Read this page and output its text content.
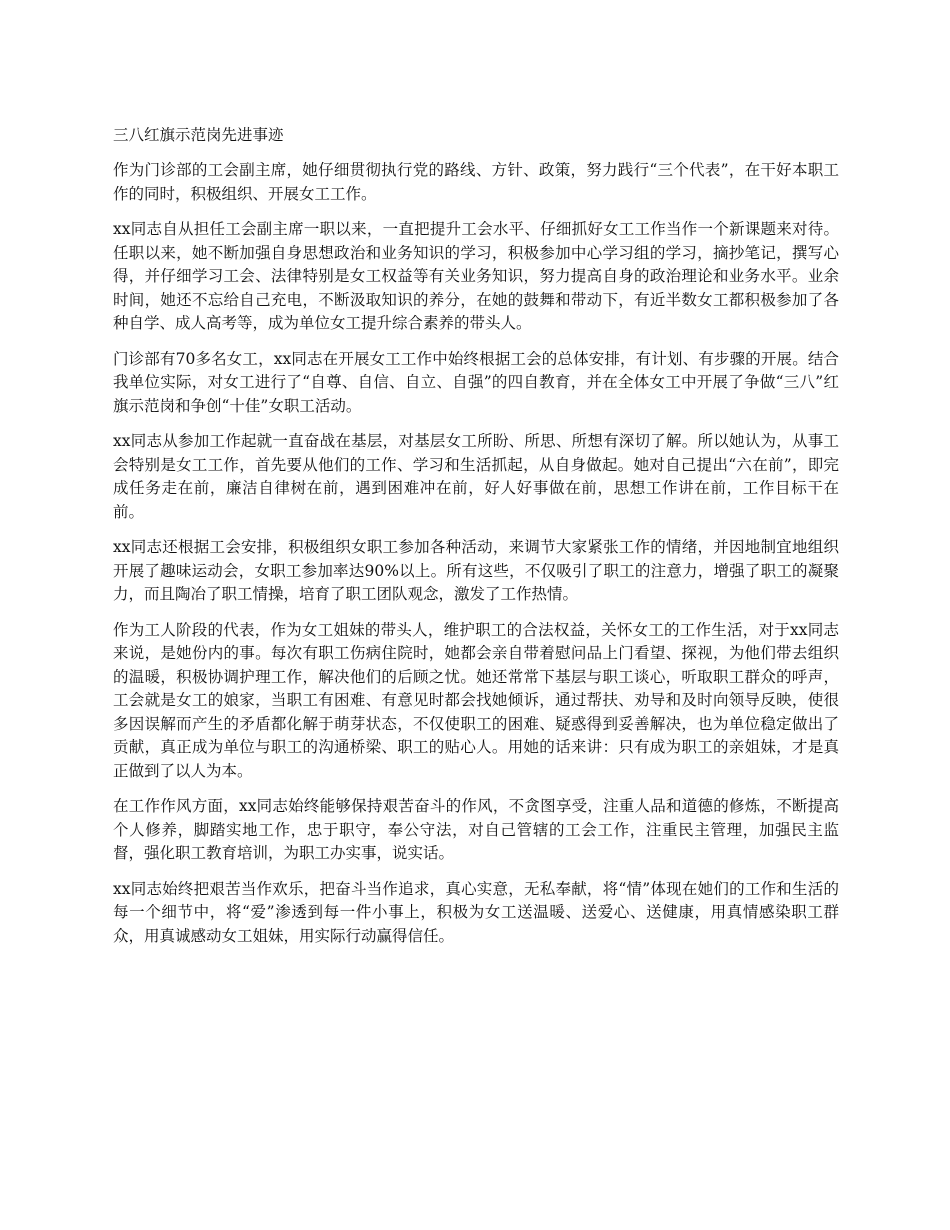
三八红旗示范岗先进事迹

作为门诊部的工会副主席，她仔细贯彻执行党的路线、方针、政策，努力践行“三个代表”，在干好本职工作的同时，积极组织、开展女工工作。

xx同志自从担任工会副主席一职以来，一直把提升工会水平、仔细抓好女工工作当作一个新课题来对待。任职以来，她不断加强自身思想政治和业务知识的学习，积极参加中心学习组的学习，摘抄笔记，撰写心得，并仔细学习工会、法律特别是女工权益等有关业务知识，努力提高自身的政治理论和业务水平。业余时间，她还不忘给自己充电，不断汲取知识的养分，在她的鼓舞和带动下，有近半数女工都积极参加了各种自学、成人高考等，成为单位女工提升综合素养的带头人。

门诊部有70多名女工，xx同志在开展女工工作中始终根据工会的总体安排，有计划、有步骤的开展。结合我单位实际，对女工进行了“自尊、自信、自立、自强”的四自教育，并在全体女工中开展了争做“三八”红旗示范岗和争创“十佳”女职工活动。

xx同志从参加工作起就一直奋战在基层，对基层女工所盼、所思、所想有深切了解。所以她认为，从事工会特别是女工工作，首先要从他们的工作、学习和生活抓起，从自身做起。她对自己提出“六在前”，即完成任务走在前，廉洁自律树在前，遇到困难冲在前，好人好事做在前，思想工作讲在前，工作目标干在前。

xx同志还根据工会安排，积极组织女职工参加各种活动，来调节大家紧张工作的情绪，并因地制宜地组织开展了趣味运动会，女职工参加率达90%以上。所有这些，不仅吸引了职工的注意力，增强了职工的凝聚力，而且陶冶了职工情操，培育了职工团队观念，激发了工作热情。

作为工人阶段的代表，作为女工姐妹的带头人，维护职工的合法权益，关怀女工的工作生活，对于xx同志来说，是她份内的事。每次有职工伤病住院时，她都会亲自带着慰问品上门看望、探视，为他们带去组织的温暖，积极协调护理工作，解决他们的后顾之忧。她还常常下基层与职工谈心，听取职工群众的呼声，工会就是女工的娘家，当职工有困难、有意见时都会找她倾诉，通过帮扶、劝导和及时向领导反映，使很多因误解而产生的矛盾都化解于萌芽状态，不仅使职工的困难、疑惑得到妥善解决，也为单位稳定做出了贡献，真正成为单位与职工的沟通桥梁、职工的贴心人。用她的话来讲：只有成为职工的亲姐妹，才是真正做到了以人为本。

在工作作风方面，xx同志始终能够保持艰苦奋斗的作风，不贪图享受，注重人品和道德的修炼，不断提高个人修养，脚踏实地工作，忠于职守，奉公守法，对自己管辖的工会工作，注重民主管理，加强民主监督，强化职工教育培训，为职工办实事，说实话。

xx同志始终把艰苦当作欢乐，把奋斗当作追求，真心实意，无私奉献，将“情”体现在她们的工作和生活的每一个细节中，将“爱”渗透到每一件小事上，积极为女工送温暖、送爱心、送健康，用真情感染职工群众，用真诚感动女工姐妹，用实际行动赢得信任。
